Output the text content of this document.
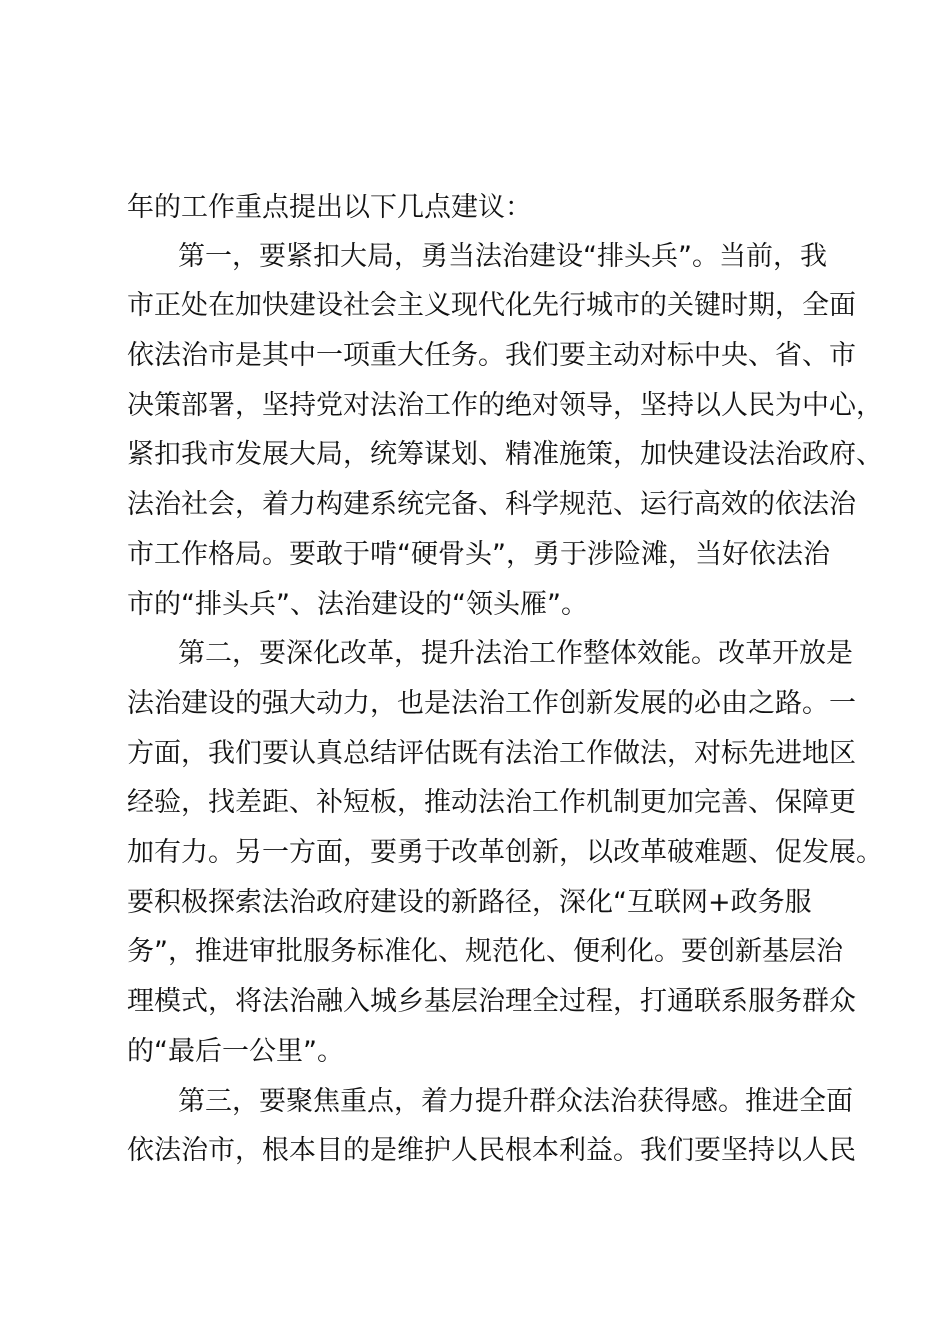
年的工作重点提出以下几点建议：
第一，要紧扣大局，勇当法治建设“排头兵”。当前，我
市正处在加快建设社会主义现代化先行城市的关键时期，全面
依法治市是其中一项重大任务。我们要主动对标中央、省、市
决策部署，坚持党对法治工作的绝对领导，坚持以人民为中心，
紧扣我市发展大局，统筹谋划、精准施策，加快建设法治政府、
法治社会，着力构建系统完备、科学规范、运行高效的依法治
市工作格局。要敢于啃“硬骨头”，勇于涉险滩，当好依法治
市的“排头兵”、法治建设的“领头雁”。
第二，要深化改革，提升法治工作整体效能。改革开放是
法治建设的强大动力，也是法治工作创新发展的必由之路。一
方面，我们要认真总结评估既有法治工作做法，对标先进地区
经验，找差距、补短板，推动法治工作机制更加完善、保障更
加有力。另一方面，要勇于改革创新，以改革破难题、促发展。
要积极探索法治政府建设的新路径，深化“互联网+政务服
务”，推进审批服务标准化、规范化、便利化。要创新基层治
理模式，将法治融入城乡基层治理全过程，打通联系服务群众
的“最后一公里”。
第三，要聚焦重点，着力提升群众法治获得感。推进全面
依法治市，根本目的是维护人民根本利益。我们要坚持以人民
